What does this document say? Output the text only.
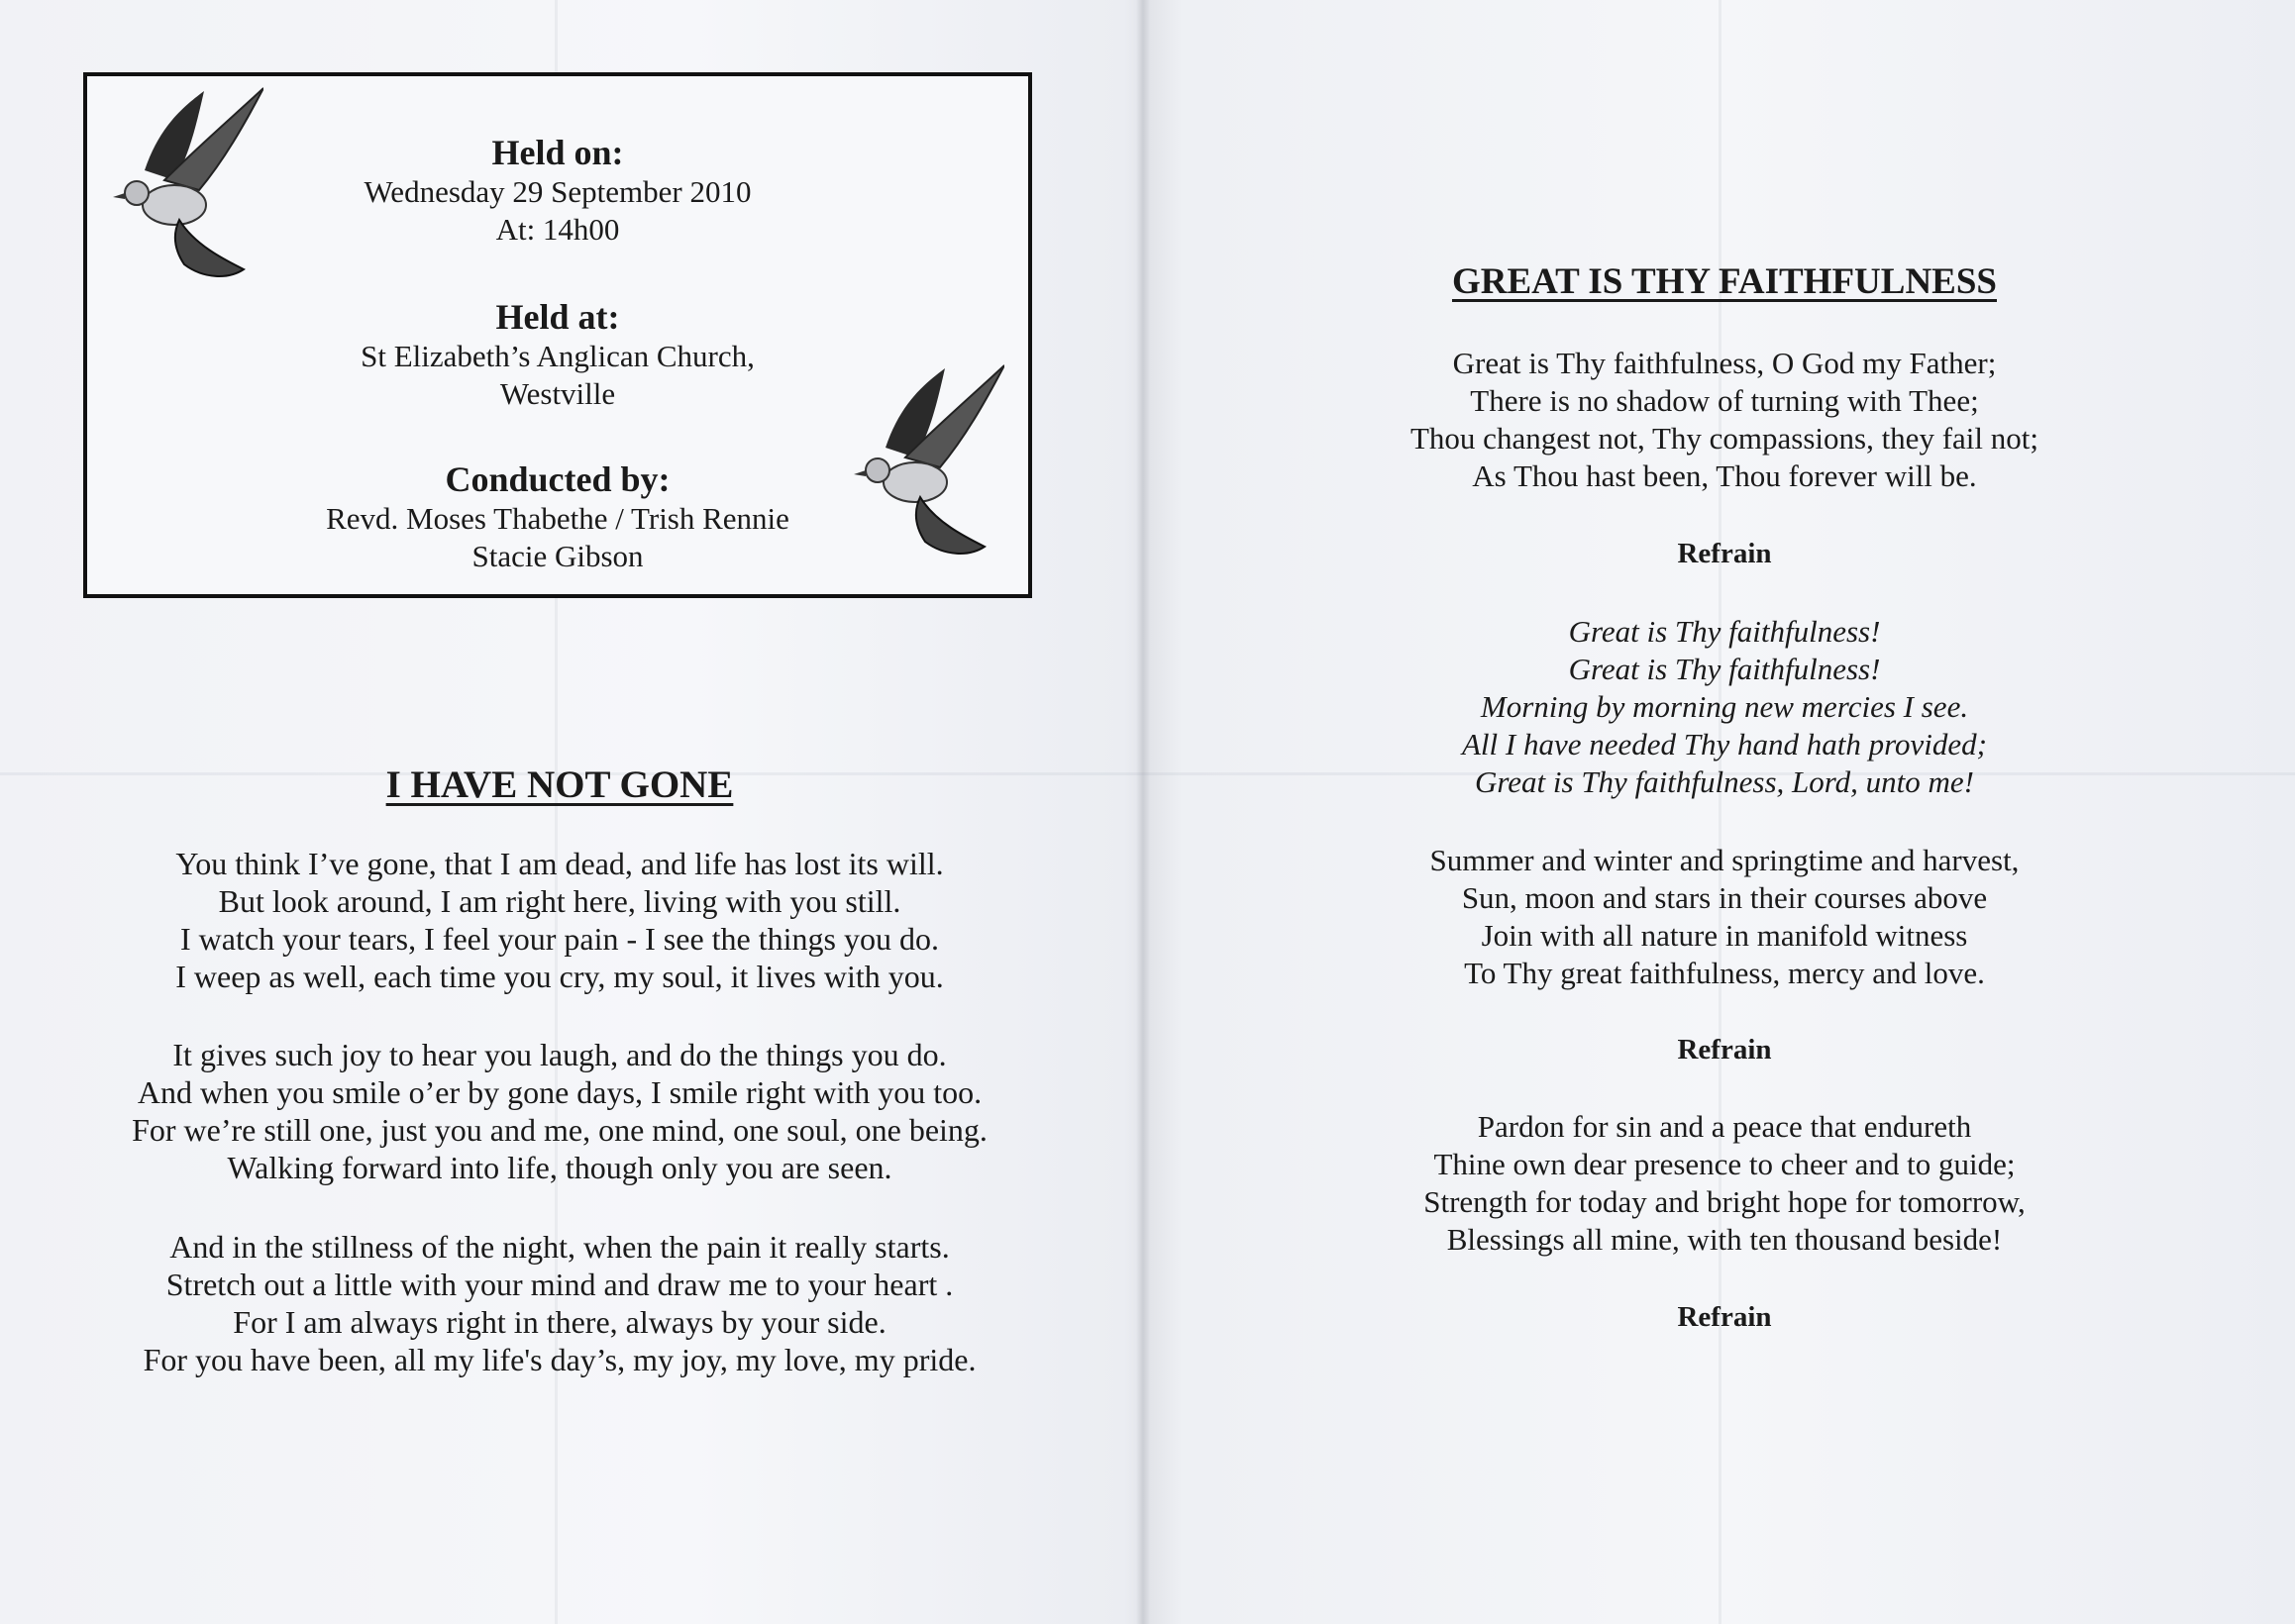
Held on:
Wednesday 29 September 2010
At: 14h00
Held at:
St Elizabeth’s Anglican Church,
Westville
Conducted by:
Revd. Moses Thabethe / Trish Rennie
Stacie Gibson
I HAVE NOT GONE
You think I’ve gone, that I am dead, and life has lost its will.
But look around, I am right here, living with you still.
I watch your tears, I feel your pain - I see the things you do.
I weep as well, each time you cry, my soul, it lives with you.
It gives such joy to hear you laugh, and do the things you do.
And when you smile o’er by gone days, I smile right with you too.
For we’re still one, just you and me, one mind, one soul, one being.
Walking forward into life, though only you are seen.
And in the stillness of the night, when the pain it really starts.
Stretch out a little with your mind and draw me to your heart .
For I am always right in there, always by your side.
For you have been, all my life's day’s, my joy, my love, my pride.
GREAT IS THY FAITHFULNESS
Great is Thy faithfulness, O God my Father;
There is no shadow of turning with Thee;
Thou changest not, Thy compassions, they fail not;
As Thou hast been, Thou forever will be.
Refrain
Great is Thy faithfulness!
Great is Thy faithfulness!
Morning by morning new mercies I see.
All I have needed Thy hand hath provided;
Great is Thy faithfulness, Lord, unto me!
Summer and winter and springtime and harvest,
Sun, moon and stars in their courses above
Join with all nature in manifold witness
To Thy great faithfulness, mercy and love.
Refrain
Pardon for sin and a peace that endureth
Thine own dear presence to cheer and to guide;
Strength for today and bright hope for tomorrow,
Blessings all mine, with ten thousand beside!
Refrain
